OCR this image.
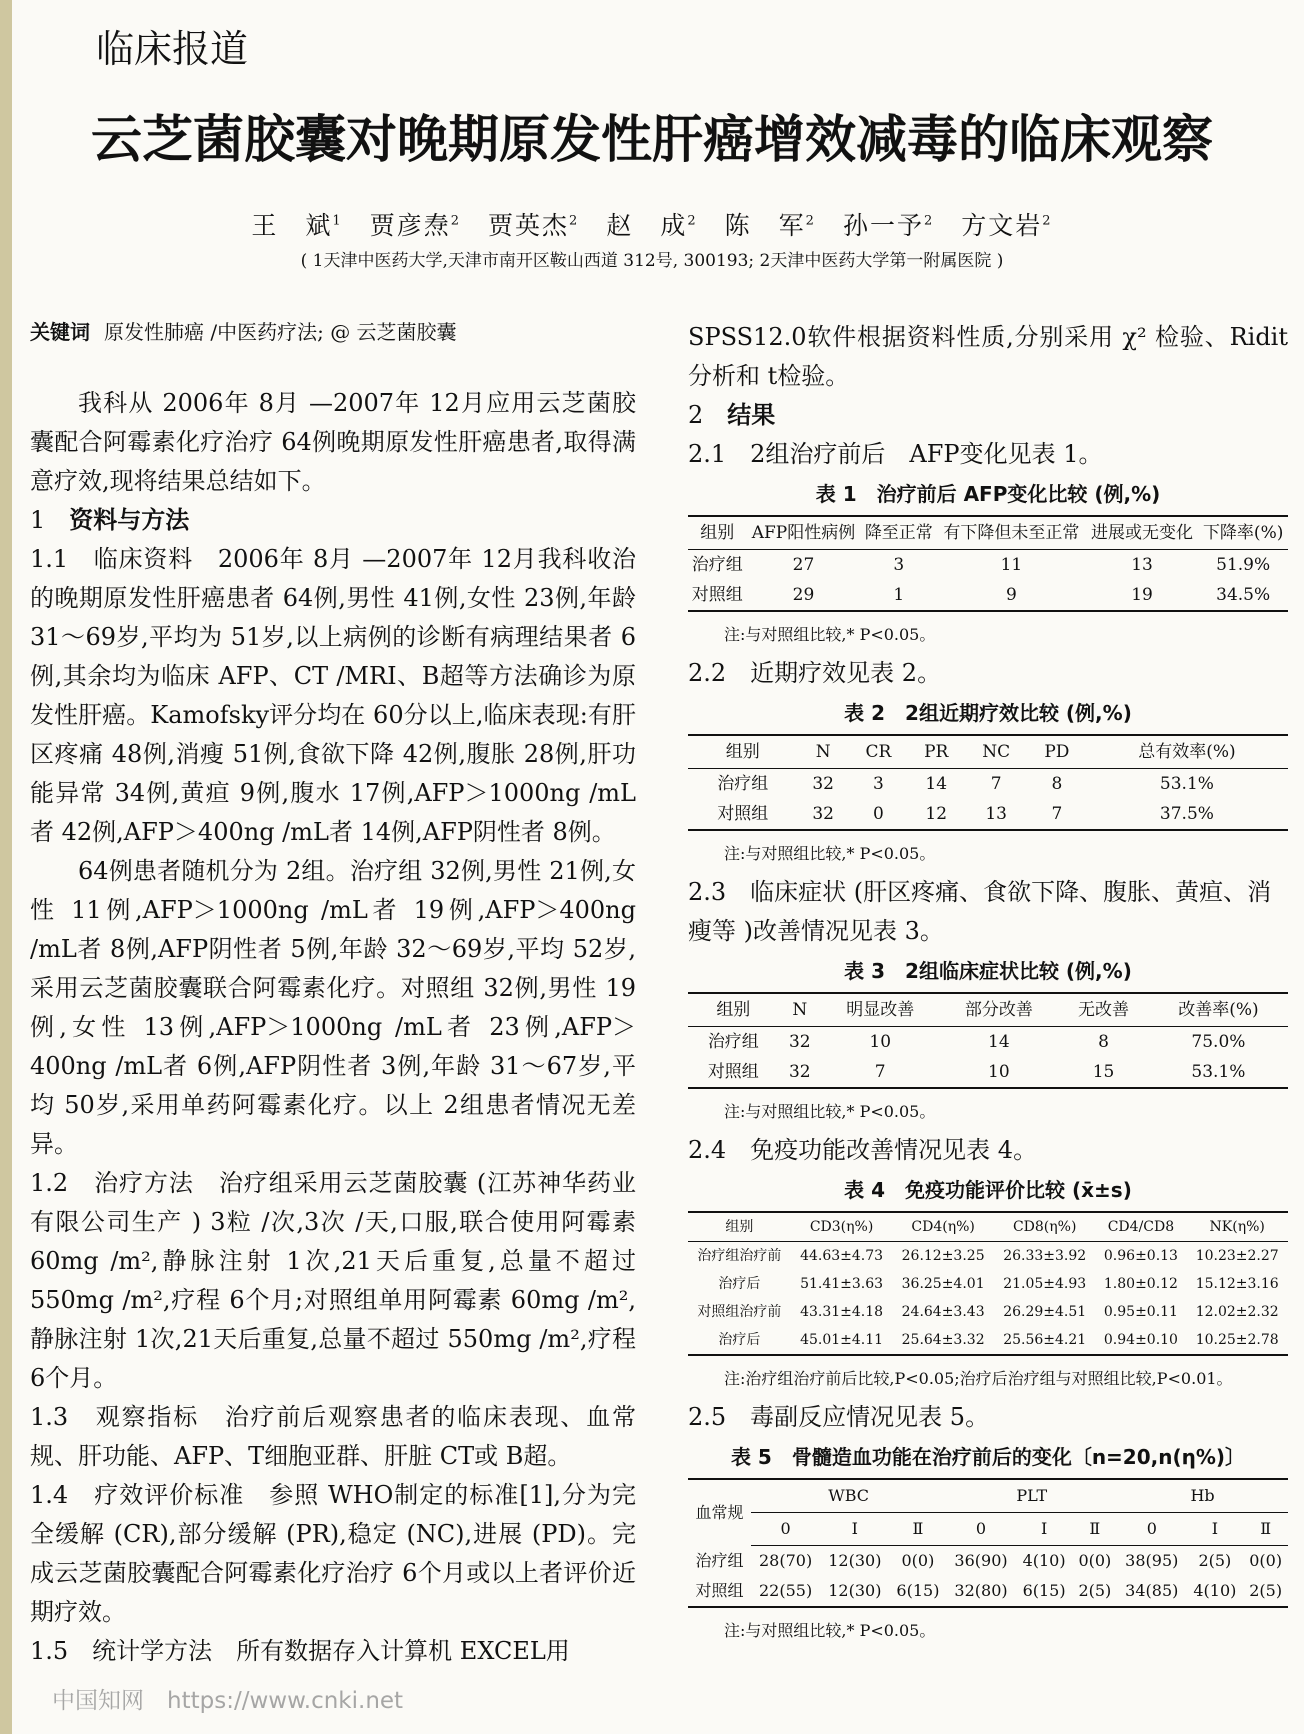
临床报道
云芝菌胶囊对晚期原发性肝癌增效减毒的临床观察
王　斌$^1$　 贾彦焘$^2$　 贾英杰$^2$　 赵　成$^2$　 陈　军$^2$　 孙一予$^2$　 方文岩$^2$
( 1天津中医药大学,天津市南开区鞍山西道 312号, 300193; 2天津中医药大学第一附属医院 )
关键词 原发性肺癌 /中医药疗法; @ 云芝菌胶囊

我科从 2006年 8月 —2007年 12月应用云芝菌胶囊配合阿霉素化疗治疗 64例晚期原发性肝癌患者,取得满意疗效,现将结果总结如下。

1　 资料与方法

1.1　临床资料　 2006年 8月 —2007年 12月我科收治的晚期原发性肝癌患者 64例,男性 41例,女性 23例,年龄 31～69岁,平均为 51岁,以上病例的诊断有病理结果者 6例,其余均为临床 AFP、CT /MRI、B超等方法确诊为原发性肝癌。Kamofsky评分均在 60分以上,临床表现:有肝区疼痛 48例,消瘦 51例,食欲下降 42例,腹胀 28例,肝功能异常 34例,黄疸 9例,腹水 17例,AFP＞1000ng /mL者 42例,AFP＞400ng /mL者 14例,AFP阴性者 8例。

64例患者随机分为 2组。治疗组 32例,男性 21例,女性 11例,AFP＞1000ng /mL者 19例,AFP＞400ng /mL者 8例,AFP阴性者 5例,年龄 32～69岁,平均 52岁,采用云芝菌胶囊联合阿霉素化疗。对照组 32例,男性 19例,女性 13例,AFP＞1000ng /mL者 23例,AFP＞400ng /mL者 6例,AFP阴性者 3例,年龄 31～67岁,平均 50岁,采用单药阿霉素化疗。以上 2组患者情况无差异。

1.2　治疗方法　 治疗组采用云芝菌胶囊 (江苏神华药业有限公司生产 ) 3粒 /次,3次 /天,口服,联合使用阿霉素 60mg /m²,静脉注射 1次,21天后重复,总量不超过 550mg /m²,疗程 6个月;对照组单用阿霉素 60mg /m²,静脉注射 1次,21天后重复,总量不超过 550mg /m²,疗程 6个月。

1.3　观察指标　 治疗前后观察患者的临床表现、血常规、肝功能、AFP、T细胞亚群、肝脏 CT或 B超。

1.4　疗效评价标准　 参照 WHO制定的标准[1],分为完全缓解 (CR),部分缓解 (PR),稳定 (NC),进展 (PD)。完成云芝菌胶囊配合阿霉素化疗治疗 6个月或以上者评价近期疗效。

1.5　统计学方法　 所有数据存入计算机 EXCEL用

SPSS12.0软件根据资料性质,分别采用 χ² 检验、Ridit分析和 t检验。

2　 结果
2.1　2组治疗前后　AFP变化见表 1。
表 1　治疗前后 AFP变化比较 (例,%)
组别	AFP阳性病例	降至正常	有下降但未至正常	进展或无变化	下降率(%)
治疗组	27	3	11	13	51.9%
对照组	29	1	9	19	34.5%
注:与对照组比较,* P<0.05。
2.2　近期疗效见表 2。
表 2　2组近期疗效比较 (例,%)
组别	N	CR	PR	NC	PD	总有效率(%)
治疗组	32	3	14	7	8	53.1%
对照组	32	0	12	13	7	37.5%
注:与对照组比较,* P<0.05。
2.3　临床症状 (肝区疼痛、食欲下降、腹胀、黄疸、消瘦等 )改善情况见表 3。
表 3　2组临床症状比较 (例,%)
组别	N	明显改善	部分改善	无改善	改善率(%)
治疗组	32	10	14	8	75.0%
对照组	32	7	10	15	53.1%
注:与对照组比较,* P<0.05。
2.4　免疫功能改善情况见表 4。
表 4　免疫功能评价比较 (x̄±s)
组别	CD3(η%)	CD4(η%)	CD8(η%)	CD4/CD8	NK(η%)
治疗组治疗前	44.63±4.73	26.12±3.25	26.33±3.92	0.96±0.13	10.23±2.27
治疗后	51.41±3.63	36.25±4.01	21.05±4.93	1.80±0.12	15.12±3.16
对照组治疗前	43.31±4.18	24.64±3.43	26.29±4.51	0.95±0.11	12.02±2.32
治疗后	45.01±4.11	25.64±3.32	25.56±4.21	0.94±0.10	10.25±2.78
注:治疗组治疗前后比较,P<0.05;治疗后治疗组与对照组比较,P<0.01。
2.5　毒副反应情况见表 5。
表 5　骨髓造血功能在治疗前后的变化〔n=20,n(η%)〕
血常规	WBC			PLT			Hb		
	0	Ⅰ	Ⅱ	0	Ⅰ	Ⅱ	0	Ⅰ	Ⅱ
治疗组	28(70)	12(30)	0(0)	36(90)	4(10)	0(0)	38(95)	2(5)	0(0)
对照组	22(55)	12(30)	6(15)	32(80)	6(15)	2(5)	34(85)	4(10)	2(5)
注:与对照组比较,* P<0.05。
中国知网　https://www.cnki.net
